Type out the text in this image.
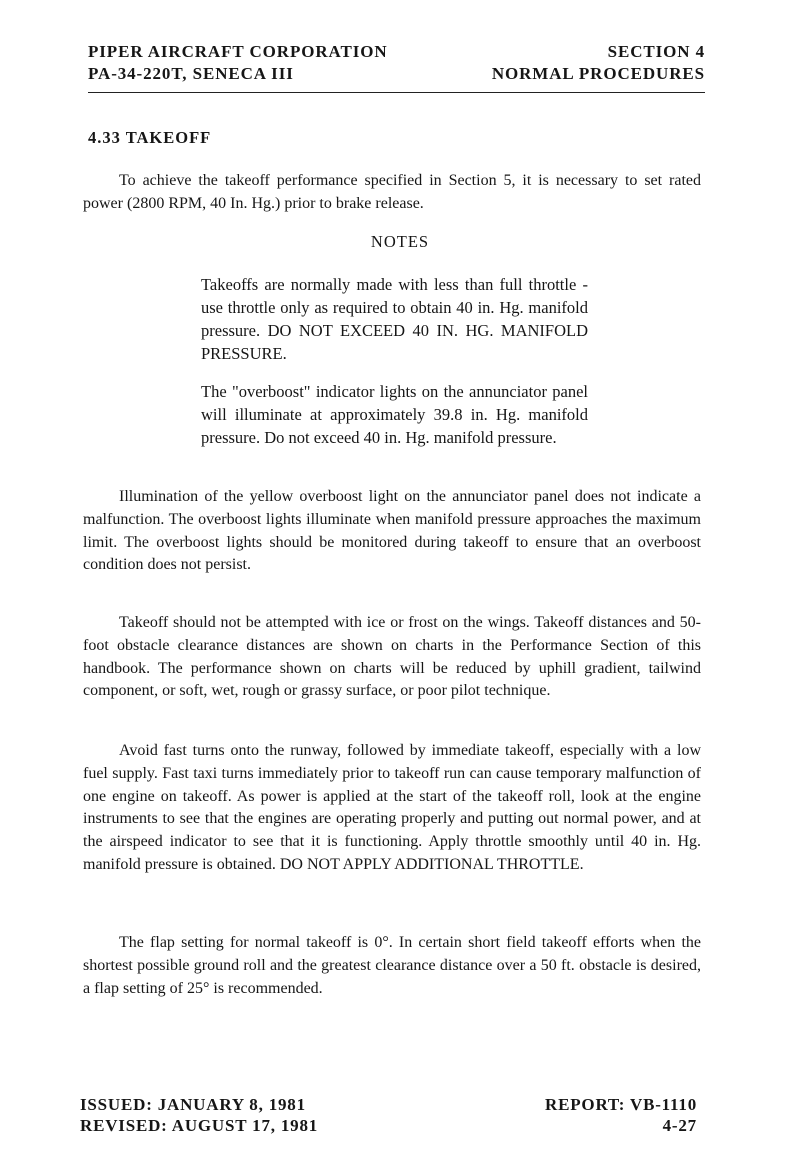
PIPER AIRCRAFT CORPORATION	SECTION 4
PA-34-220T, SENECA III	NORMAL PROCEDURES
4.33 TAKEOFF

To achieve the takeoff performance specified in Section 5, it is necessary to set rated power (2800 RPM, 40 In. Hg.) prior to brake release.

NOTES

Takeoffs are normally made with less than full throttle - use throttle only as required to obtain 40 in. Hg. manifold pressure. DO NOT EXCEED 40 IN. HG. MANIFOLD PRESSURE.

The "overboost" indicator lights on the annunciator panel will illuminate at approximately 39.8 in. Hg. manifold pressure. Do not exceed 40 in. Hg. manifold pressure.

Illumination of the yellow overboost light on the annunciator panel does not indicate a malfunction. The overboost lights illuminate when manifold pressure approaches the maximum limit. The overboost lights should be monitored during takeoff to ensure that an overboost condition does not persist.

Takeoff should not be attempted with ice or frost on the wings. Takeoff distances and 50-foot obstacle clearance distances are shown on charts in the Performance Section of this handbook. The performance shown on charts will be reduced by uphill gradient, tailwind component, or soft, wet, rough or grassy surface, or poor pilot technique.

Avoid fast turns onto the runway, followed by immediate takeoff, especially with a low fuel supply. Fast taxi turns immediately prior to takeoff run can cause temporary malfunction of one engine on takeoff. As power is applied at the start of the takeoff roll, look at the engine instruments to see that the engines are operating properly and putting out normal power, and at the airspeed indicator to see that it is functioning. Apply throttle smoothly until 40 in. Hg. manifold pressure is obtained. DO NOT APPLY ADDITIONAL THROTTLE.

The flap setting for normal takeoff is 0°. In certain short field takeoff efforts when the shortest possible ground roll and the greatest clearance distance over a 50 ft. obstacle is desired, a flap setting of 25° is recommended.

ISSUED: JANUARY 8, 1981	REPORT: VB-1110
REVISED: AUGUST 17, 1981	4-27
